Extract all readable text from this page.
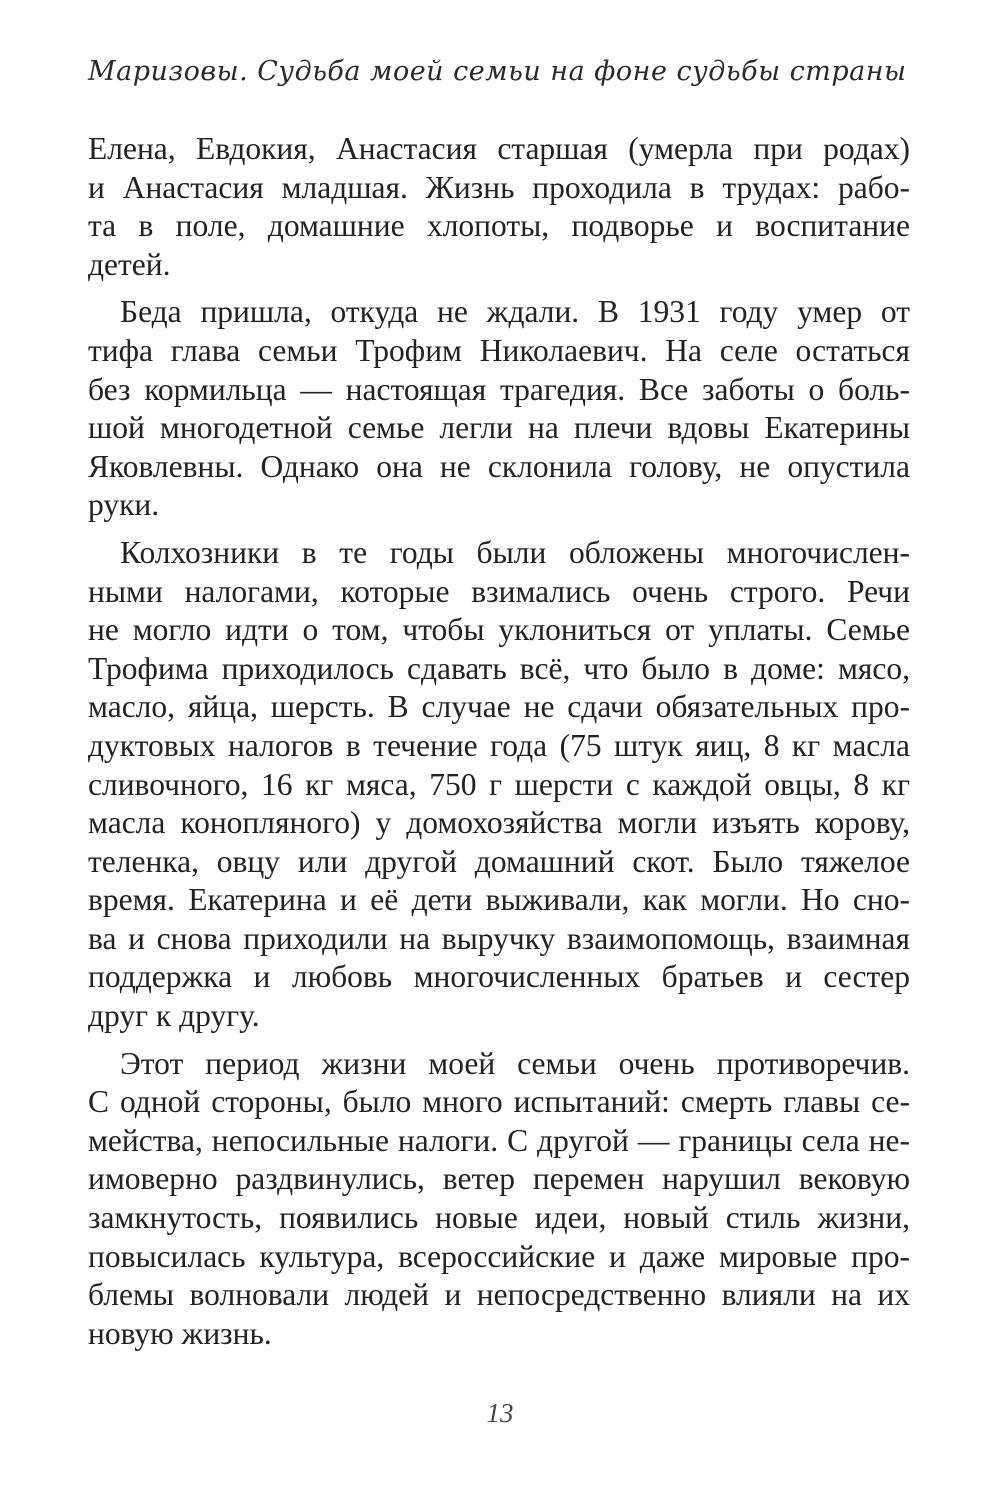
Маризовы. Судьба моей семьи на фоне судьбы страны
Елена, Евдокия, Анастасия старшая (умерла при родах)
и Анастасия младшая. Жизнь проходила в трудах: рабо-
та в поле, домашние хлопоты, подворье и воспитание
детей.
Беда пришла, откуда не ждали. В 1931 году умер от
тифа глава семьи Трофим Николаевич. На селе остаться
без кормильца — настоящая трагедия. Все заботы о боль-
шой многодетной семье легли на плечи вдовы Екатерины
Яковлевны. Однако она не склонила голову, не опустила
руки.
Колхозники в те годы были обложены многочислен-
ными налогами, которые взимались очень строго. Речи
не могло идти о том, чтобы уклониться от уплаты. Семье
Трофима приходилось сдавать всё, что было в доме: мясо,
масло, яйца, шерсть. В случае не сдачи обязательных про-
дуктовых налогов в течение года (75 штук яиц, 8 кг масла
сливочного, 16 кг мяса, 750 г шерсти с каждой овцы, 8 кг
масла конопляного) у домохозяйства могли изъять корову,
теленка, овцу или другой домашний скот. Было тяжелое
время. Екатерина и её дети выживали, как могли. Но сно-
ва и снова приходили на выручку взаимопомощь, взаимная
поддержка и любовь многочисленных братьев и сестер
друг к другу.
Этот период жизни моей семьи очень противоречив.
С одной стороны, было много испытаний: смерть главы се-
мейства, непосильные налоги. С другой — границы села не-
имоверно раздвинулись, ветер перемен нарушил вековую
замкнутость, появились новые идеи, новый стиль жизни,
повысилась культура, всероссийские и даже мировые про-
блемы волновали людей и непосредственно влияли на их
новую жизнь.
13
